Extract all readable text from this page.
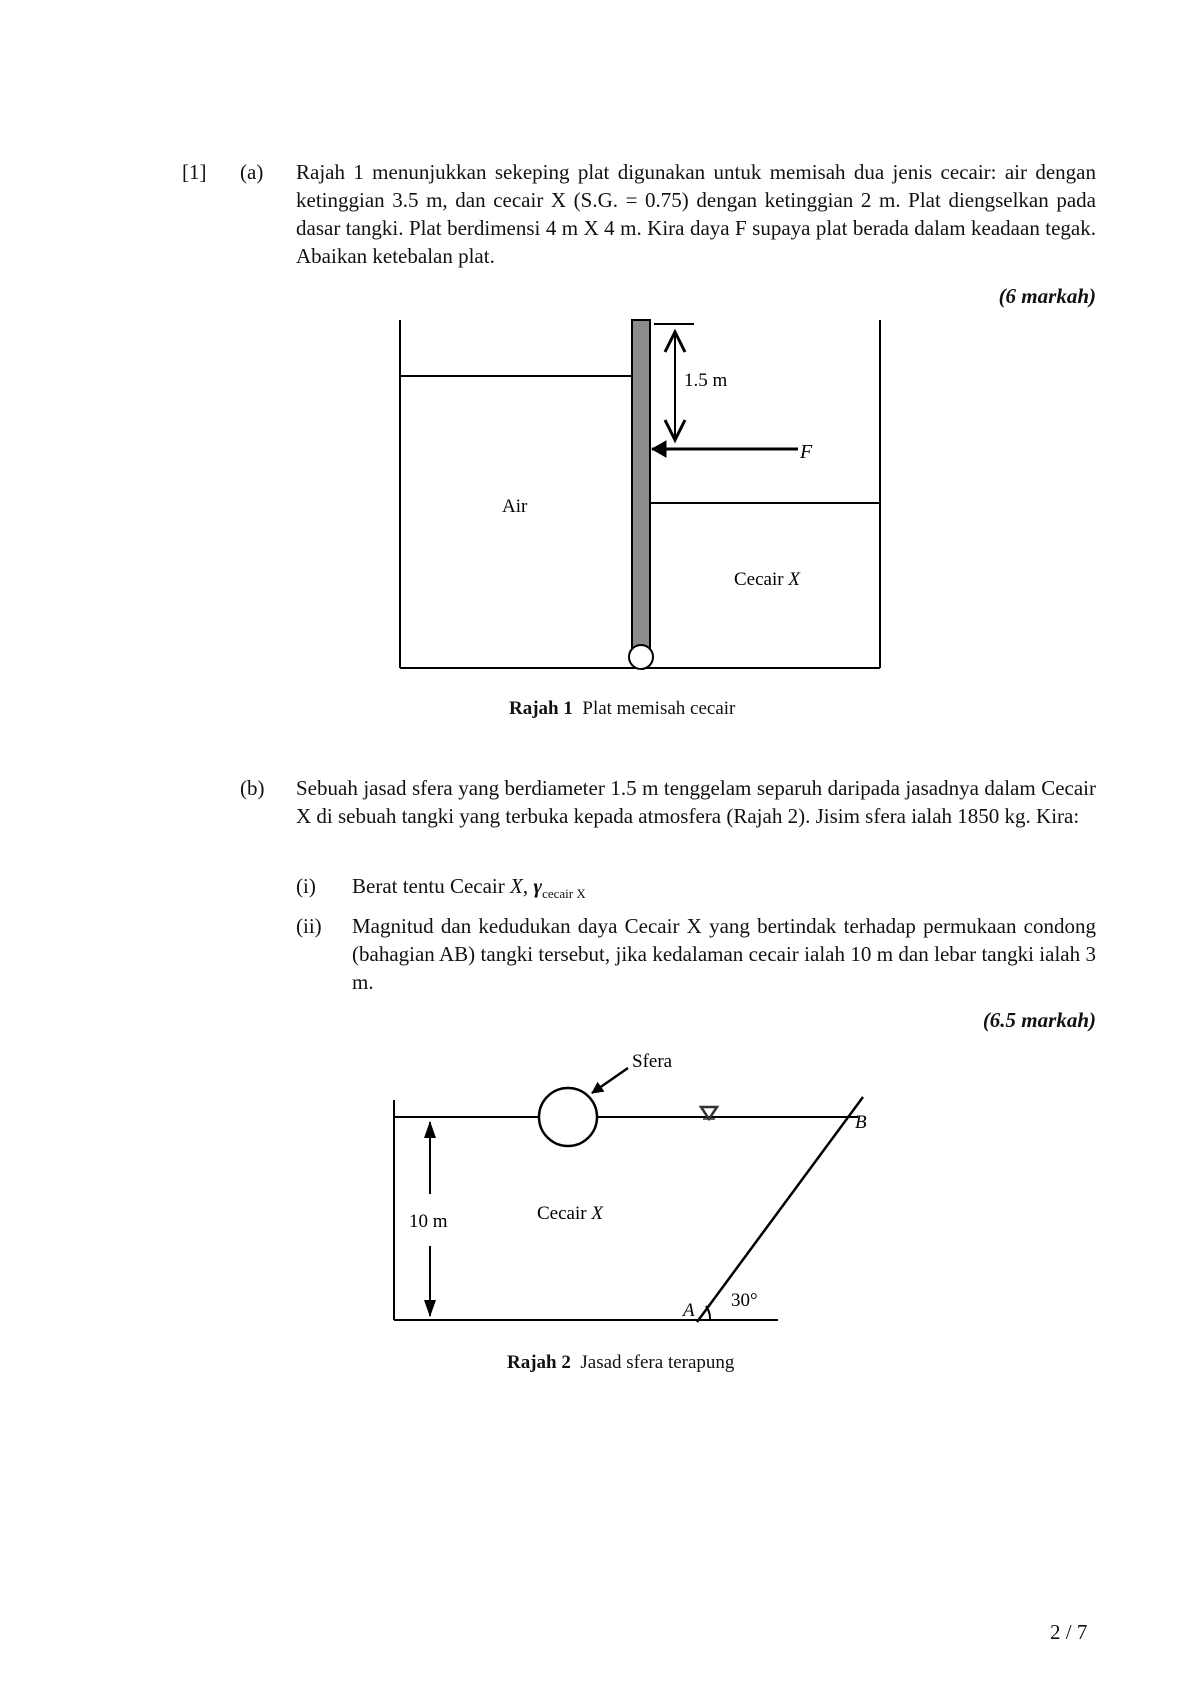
[1] (a) Rajah 1 menunjukkan sekeping plat digunakan untuk memisah dua jenis cecair: air dengan ketinggian 3.5 m, dan cecair X (S.G. = 0.75) dengan ketinggian 2 m. Plat diengselkan pada dasar tangki. Plat berdimensi 4 m X 4 m. Kira daya F supaya plat berada dalam keadaan tegak. Abaikan ketebalan plat.
(6 markah)
1.5 m
F
Air
Cecair X
Rajah 1 Plat memisah cecair
(b) Sebuah jasad sfera yang berdiameter 1.5 m tenggelam separuh daripada jasadnya dalam Cecair X di sebuah tangki yang terbuka kepada atmosfera (Rajah 2). Jisim sfera ialah 1850 kg. Kira:
(i) Berat tentu Cecair X, $\gamma_{cecair X}$
(ii) Magnitud dan kedudukan daya Cecair X yang bertindak terhadap permukaan condong (bahagian AB) tangki tersebut, jika kedalaman cecair ialah 10 m dan lebar tangki ialah 3 m.
(6.5 markah)
Sfera
10 m	Cecair X
A
B
30°
Rajah 2 Jasad sfera terapung
2 / 7
